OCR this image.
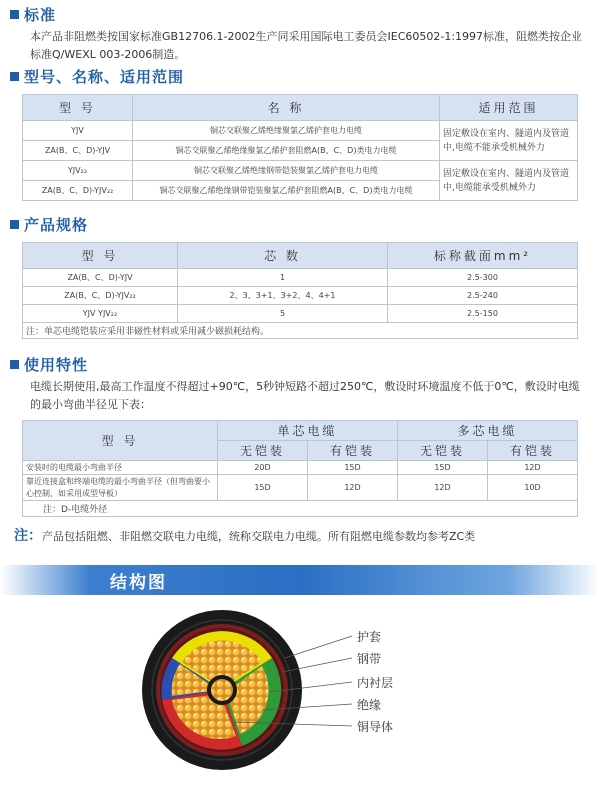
标准
本产品非阻燃类按国家标准GB12706.1-2002生产同采用国际电工委员会IEC60502-1:1997标准，阻燃类按企业标准Q/WEXL 003-2006制造。
型号、名称、适用范围
型 号	名 称	适用范围
YJV	铜芯交联聚乙烯绝缘聚氯乙烯护套电力电缆	固定敷设在室内、隧道内及管道中,电缆不能承受机械外力
ZA(B、C、D)-YJV	铜芯交联聚乙烯绝缘聚氯乙烯护套阻燃A(B、C、D)类电力电缆	
YJV₂₂	铜芯交联聚乙烯绝缘钢带铠装聚氯乙烯护套电力电缆	固定敷设在室内、隧道内及管道中,电缆能承受机械外力
ZA(B、C、D)-YJV₂₂	铜芯交联聚乙烯绝缘钢带铠装聚氯乙烯护套阻燃A(B、C、D)类电力电缆	
产品规格
型 号	芯 数	标称截面mm²
ZA(B、C、D)-YJV	1	2.5-300
ZA(B、C、D)-YJV₂₂	2、3、3+1、3+2、4、4+1	2.5-240
YJV YJV₂₂	5	2.5-150
注：单芯电缆铠装应采用非磁性材料或采用减少磁损耗结构。		
使用特性
电缆长期使用,最高工作温度不得超过+90℃，5秒钟短路不超过250℃，敷设时环境温度不低于0℃，敷设时电缆的最小弯曲半径见下表：
型 号	单芯电缆		多芯电缆	
	无铠装	有铠装	无铠装	有铠装
安装时的电缆最小弯曲半径	20D	15D	15D	12D
靠近连接盒和终端电缆的最小弯曲半径（但弯曲要小心控制，如采用成型导板）	15D	12D	12D	10D
注：D-电缆外径				
注：产品包括阻燃、非阻燃交联电力电缆，统称交联电力电缆。所有阻燃电缆参数均参考ZC类
结构图
护套
钢带
内衬层
绝缘
铜导体
